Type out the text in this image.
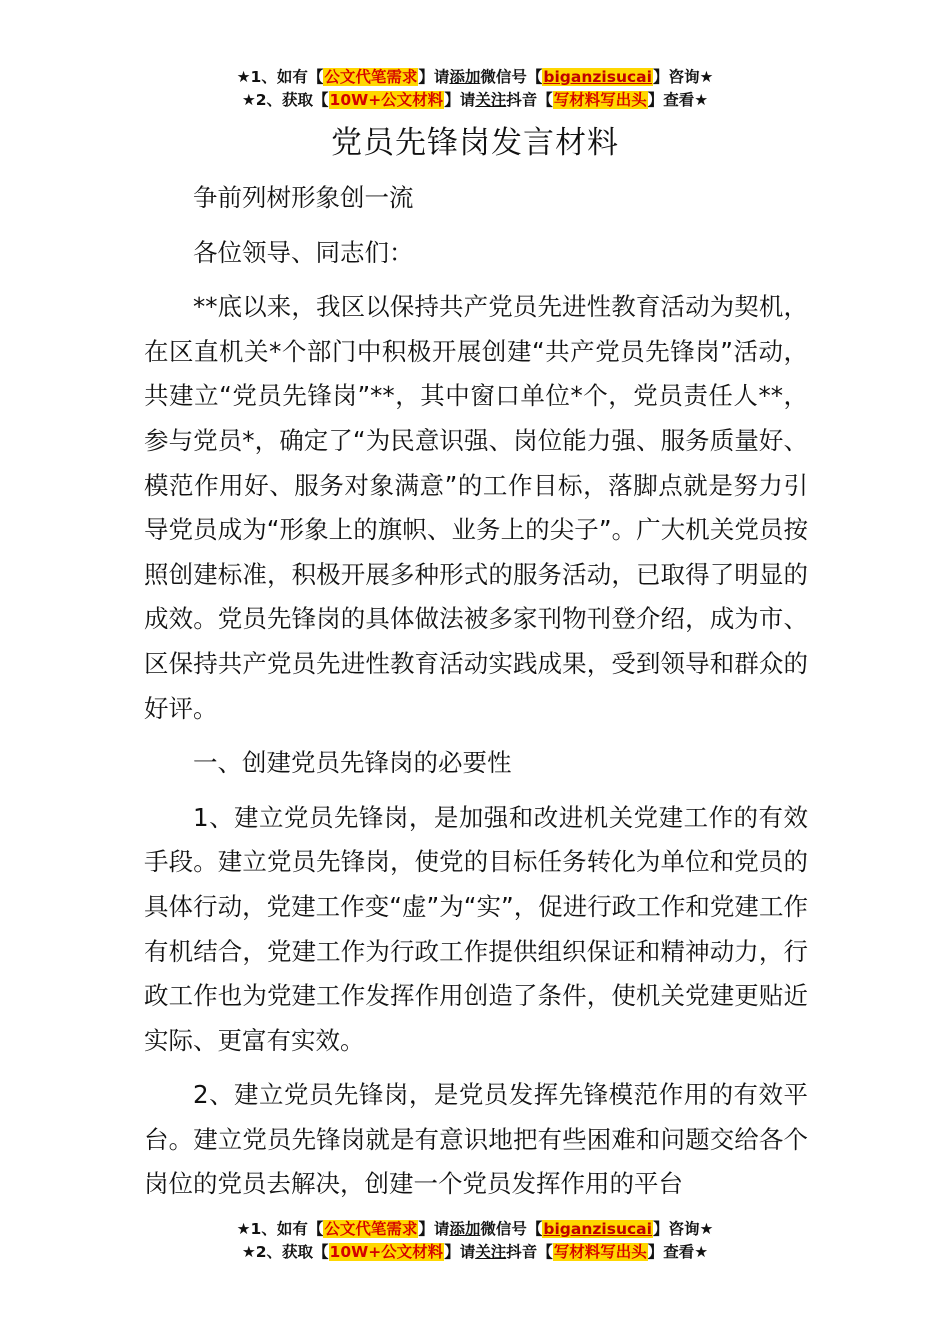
★1、如有【公文代笔需求】请添加微信号【biganzisucai】咨询★
★2、获取【10W+公文材料】请关注抖音【写材料写出头】查看★
党员先锋岗发言材料

争前列树形象创一流

各位领导、同志们：

**底以来，我区以保持共产党员先进性教育活动为契机，在区直机关*个部门中积极开展创建“共产党员先锋岗”活动，共建立“党员先锋岗”**，其中窗口单位*个，党员责任人**，参与党员*，确定了“为民意识强、岗位能力强、服务质量好、模范作用好、服务对象满意”的工作目标，落脚点就是努力引导党员成为“形象上的旗帜、业务上的尖子”。广大机关党员按照创建标准，积极开展多种形式的服务活动，已取得了明显的成效。党员先锋岗的具体做法被多家刊物刊登介绍，成为市、区保持共产党员先进性教育活动实践成果，受到领导和群众的好评。

一、创建党员先锋岗的必要性

1、建立党员先锋岗，是加强和改进机关党建工作的有效手段。建立党员先锋岗，使党的目标任务转化为单位和党员的具体行动，党建工作变“虚”为“实”，促进行政工作和党建工作有机结合，党建工作为行政工作提供组织保证和精神动力，行政工作也为党建工作发挥作用创造了条件，使机关党建更贴近实际、更富有实效。

2、建立党员先锋岗，是党员发挥先锋模范作用的有效平台。建立党员先锋岗就是有意识地把有些困难和问题交给各个岗位的党员去解决，创建一个党员发挥作用的平台

★1、如有【公文代笔需求】请添加微信号【biganzisucai】咨询★
★2、获取【10W+公文材料】请关注抖音【写材料写出头】查看★
